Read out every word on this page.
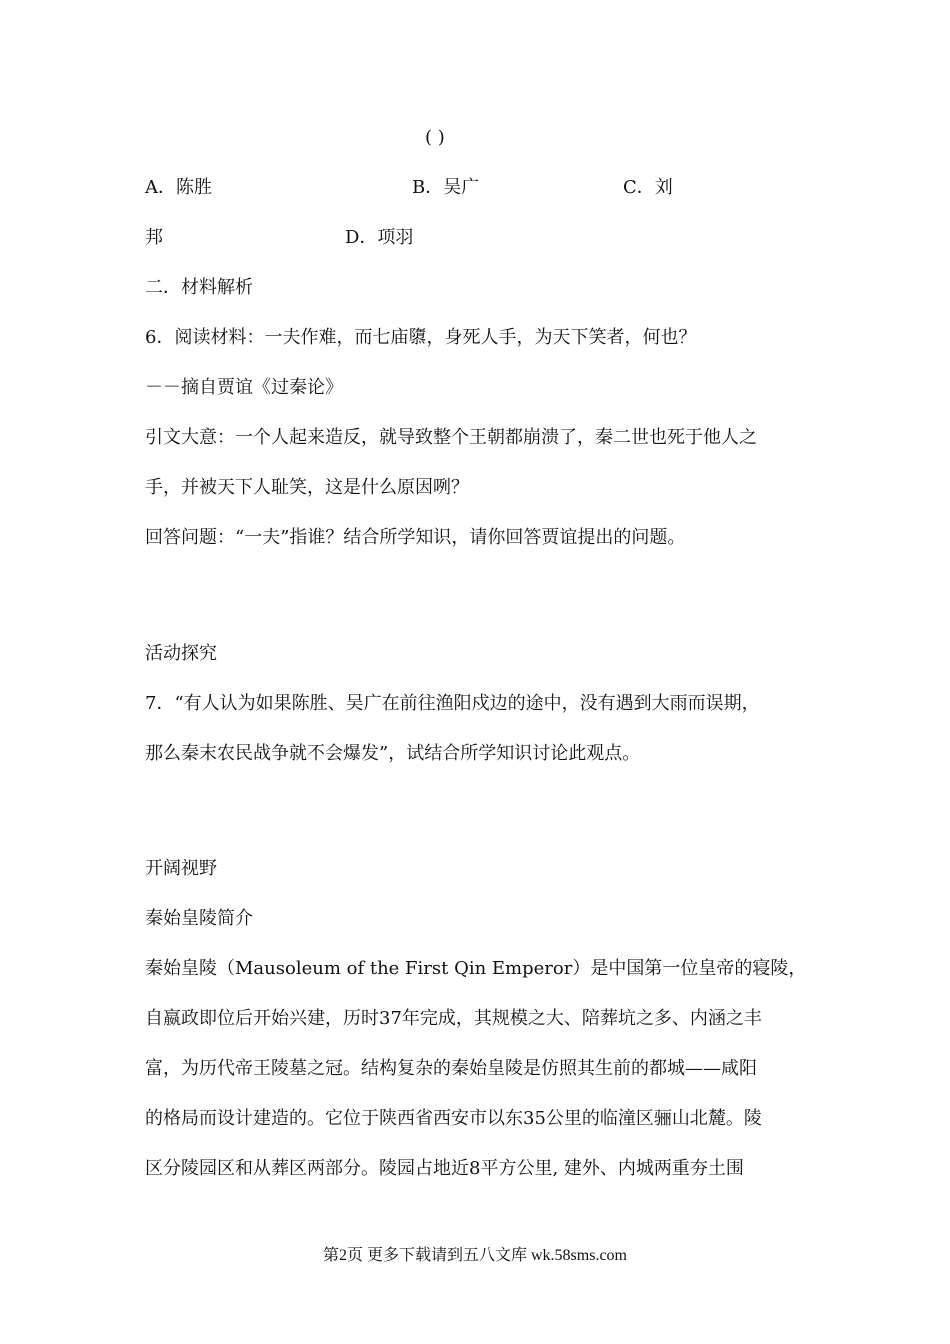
( )
A．陈胜	B．吴广	C．刘
邦	D．项羽

二．材料解析

6．阅读材料：一夫作难，而七庙隳，身死人手，为天下笑者，何也？

－－摘自贾谊《过秦论》

引文大意：一个人起来造反，就导致整个王朝都崩溃了，秦二世也死于他人之

手，并被天下人耻笑，这是什么原因咧？

回答问题：“一夫”指谁？结合所学知识，请你回答贾谊提出的问题。

活动探究

7．“有人认为如果陈胜、吴广在前往渔阳戍边的途中，没有遇到大雨而误期，

那么秦末农民战争就不会爆发”，试结合所学知识讨论此观点。

开阔视野

秦始皇陵简介

秦始皇陵（Mausoleum of the First Qin Emperor）是中国第一位皇帝的寝陵，

自嬴政即位后开始兴建，历时37年完成，其规模之大、陪葬坑之多、内涵之丰

富，为历代帝王陵墓之冠。结构复杂的秦始皇陵是仿照其生前的都城——咸阳

的格局而设计建造的。它位于陕西省西安市以东35公里的临潼区骊山北麓。陵

区分陵园区和从葬区两部分。陵园占地近8平方公里, 建外、内城两重夯土围

第2页 更多下载请到五八文库 wk.58sms.com
